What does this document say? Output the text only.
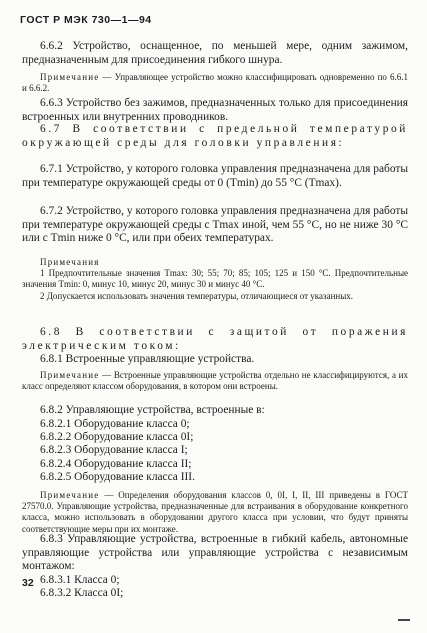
ГОСТ Р МЭК 730—1—94

6.6.2 Устройство, оснащенное, по меньшей мере, одним зажимом, предназначенным для присоединения гибкого шнура.

Примечание — Управляющее устройство можно классифицировать одновременно по 6.6.1 и 6.6.2.

6.6.3 Устройство без зажимов, предназначенных только для присоединения встроенных или внутренних проводников.

6.7 В соответствии с предельной температурой окружающей среды для головки управления:

6.7.1 Устройство, у которого головка управления предназначена для работы при температуре окружающей среды от 0 (Tmin) до 55 °С (Tmax).

6.7.2 Устройство, у которого головка управления предназначена для работы при температуре окружающей среды с Tmax иной, чем 55 °С, но не ниже 30 °С или с Tmin ниже 0 °С, или при обеих температурах.

Примечания

1 Предпочтительные значения Tmax: 30; 55; 70; 85; 105; 125 и 150 °С. Предпочтительные значения Tmin: 0, минус 10, минус 20, минус 30 и минус 40 °С.

2 Допускается использовать значения температуры, отличающиеся от указанных.

6.8 В соответствии с защитой от поражения электрическим током:

6.8.1 Встроенные управляющие устройства.

Примечание — Встроенные управляющие устройства отдельно не классифицируются, а их класс определяют классом оборудования, в котором они встроены.

6.8.2 Управляющие устройства, встроенные в:

6.8.2.1 Оборудование класса 0;

6.8.2.2 Оборудование класса 0I;

6.8.2.3 Оборудование класса I;

6.8.2.4 Оборудование класса II;

6.8.2.5 Оборудование класса III.

Примечание — Определения оборудования классов 0, 0I, I, II, III приведены в ГОСТ 27570.0. Управляющие устройства, предназначенные для встраивания в оборудование конкретного класса, можно использовать в оборудовании другого класса при условии, что будут приняты соответствующие меры при их монтаже.

6.8.3 Управляющие устройства, встроенные в гибкий кабель, автономные управляющие устройства или управляющие устройства с независимым монтажом:

6.8.3.1 Класса 0;

6.8.3.2 Класса 0I;

32
